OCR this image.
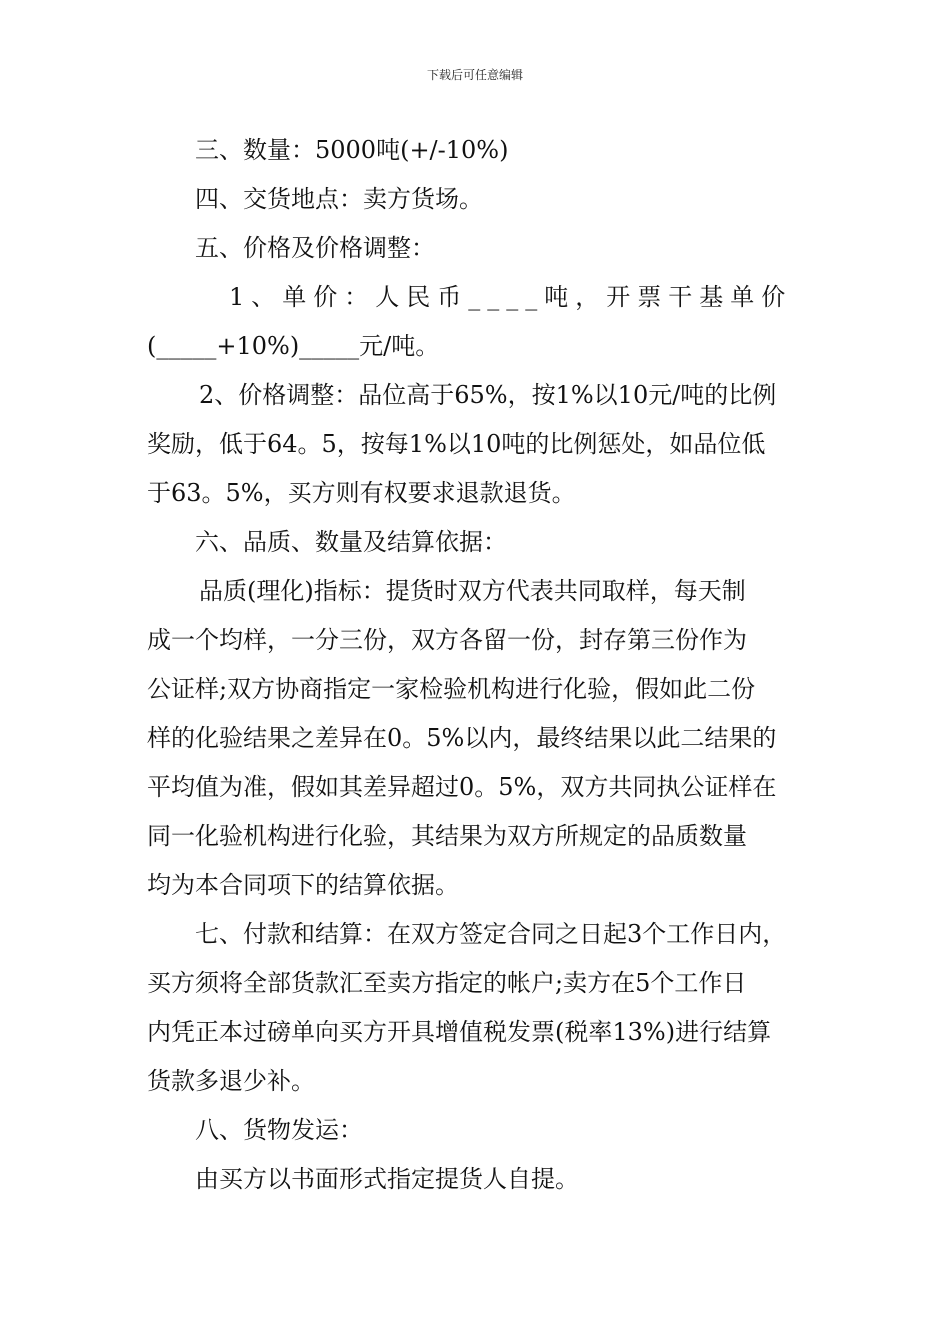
下载后可任意编辑

三、数量：5000吨(+/-10%)

四、交货地点：卖方货场。

五、价格及价格调整：

1、单价：人民币____吨，开票干基单价

(_____+10%)_____元/吨。

2、价格调整：品位高于65%，按1%以10元/吨的比例

奖励，低于64。5，按每1%以10吨的比例惩处，如品位低

于63。5%，买方则有权要求退款退货。

六、品质、数量及结算依据：

品质(理化)指标：提货时双方代表共同取样，每天制

成一个均样，一分三份，双方各留一份，封存第三份作为

公证样;双方协商指定一家检验机构进行化验，假如此二份

样的化验结果之差异在0。5%以内，最终结果以此二结果的

平均值为准，假如其差异超过0。5%，双方共同执公证样在

同一化验机构进行化验，其结果为双方所规定的品质数量

均为本合同项下的结算依据。

七、付款和结算：在双方签定合同之日起3个工作日内，

买方须将全部货款汇至卖方指定的帐户;卖方在5个工作日

内凭正本过磅单向买方开具增值税发票(税率13%)进行结算

货款多退少补。

八、货物发运：

由买方以书面形式指定提货人自提。
